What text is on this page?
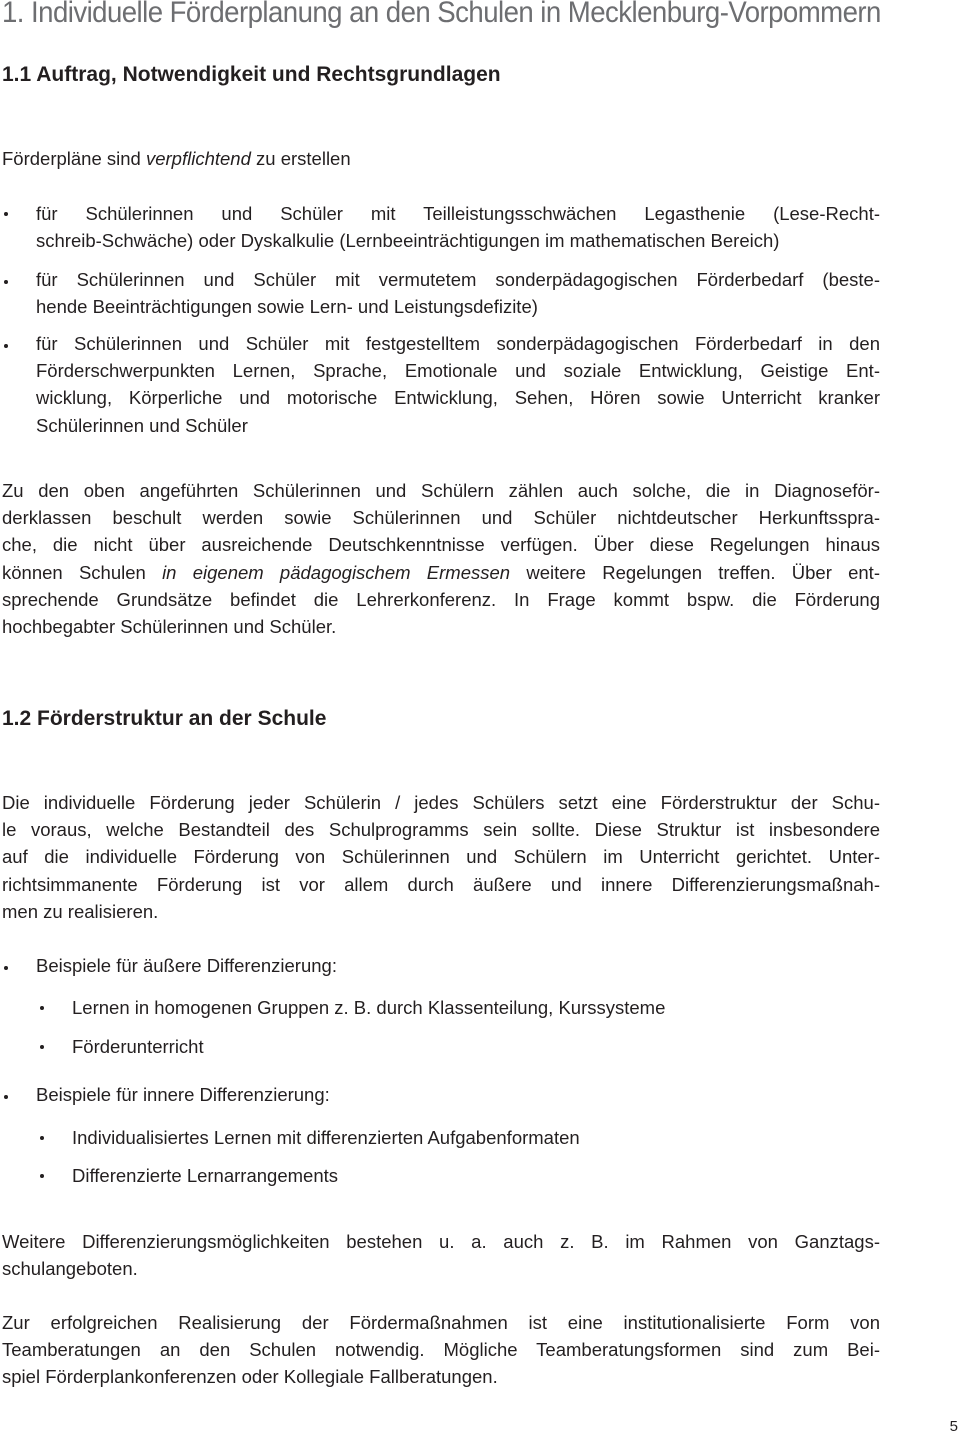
1. Individuelle Förderplanung an den Schulen in Mecklenburg-Vorpommern
1.1 Auftrag, Notwendigkeit und Rechtsgrundlagen

Förderpläne sind verpflichtend zu erstellen

für Schülerinnen und Schüler mit Teilleistungsschwächen Legasthenie (Lese-Recht-
schreib-Schwäche) oder Dyskalkulie (Lernbeeinträchtigungen im mathematischen Bereich)
für Schülerinnen und Schüler mit vermutetem sonderpädagogischen Förderbedarf (beste-
hende Beeinträchtigungen sowie Lern- und Leistungsdefizite)
für Schülerinnen und Schüler mit festgestelltem sonderpädagogischen Förderbedarf in den
Förderschwerpunkten Lernen, Sprache, Emotionale und soziale Entwicklung, Geistige Ent-
wicklung, Körperliche und motorische Entwicklung, Sehen, Hören sowie Unterricht kranker
Schülerinnen und Schüler
Zu den oben angeführten Schülerinnen und Schülern zählen auch solche, die in Diagnoseför-
derklassen beschult werden sowie Schülerinnen und Schüler nichtdeutscher Herkunftsspra-
che, die nicht über ausreichende Deutschkenntnisse verfügen. Über diese Regelungen hinaus
können Schulen in eigenem pädagogischem Ermessen weitere Regelungen treffen. Über ent-
sprechende Grundsätze befindet die Lehrerkonferenz. In Frage kommt bspw. die Förderung
hochbegabter Schülerinnen und Schüler.
1.2 Förderstruktur an der Schule
Die individuelle Förderung jeder Schülerin / jedes Schülers setzt eine Förderstruktur der Schu-
le voraus, welche Bestandteil des Schulprogramms sein sollte. Diese Struktur ist insbesondere
auf die individuelle Förderung von Schülerinnen und Schülern im Unterricht gerichtet. Unter-
richtsimmanente Förderung ist vor allem durch äußere und innere Differenzierungsmaßnah-
men zu realisieren.
Beispiele für äußere Differenzierung:
Lernen in homogenen Gruppen z. B. durch Klassenteilung, Kurssysteme
Förderunterricht
Beispiele für innere Differenzierung:
Individualisiertes Lernen mit differenzierten Aufgabenformaten
Differenzierte Lernarrangements
Weitere Differenzierungsmöglichkeiten bestehen u. a. auch z. B. im Rahmen von Ganztags-
schulangeboten.
Zur erfolgreichen Realisierung der Fördermaßnahmen ist eine institutionalisierte Form von
Teamberatungen an den Schulen notwendig. Mögliche Teamberatungsformen sind zum Bei-
spiel Förderplankonferenzen oder Kollegiale Fallberatungen.
5
